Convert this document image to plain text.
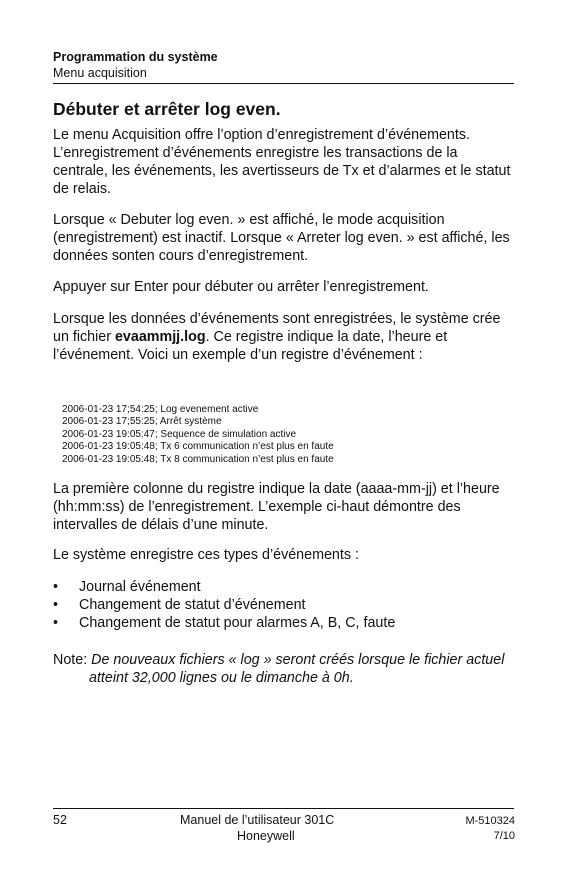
Programmation du système
Menu acquisition
Débuter et arrêter log even.
Le menu Acquisition offre l’option d’enregistrement d’événements. L’enregistrement d’événements enregistre les transactions de la centrale, les événements, les avertisseurs de Tx et d’alarmes et le statut de relais.
Lorsque « Debuter log even. » est affiché, le mode acquisition (enregistrement) est inactif. Lorsque « Arreter log even. » est affiché, les données sonten cours d’enregistrement.
Appuyer sur Enter pour débuter ou arrêter l’enregistrement.
Lorsque les données d’événements sont enregistrées, le système crée un fichier evaammjj.log. Ce registre indique la date, l’heure et l’événement. Voici un exemple d’un registre d’événement :
2006-01-23 17;54:25; Log evenement active
2006-01-23 17;55:25; Arrêt système
2006-01-23 19:05:47; Sequence de simulation active
2006-01-23 19:05:48; Tx 6 communication n’est plus en faute
2006-01-23 19:05:48; Tx 8 communication n’est plus en faute
La première colonne du registre indique la date (aaaa-mm-jj) et l’heure (hh:mm:ss) de l’enregistrement. L’exemple ci-haut démontre des intervalles de délais d’une minute.
Le système enregistre ces types d’événements :
• Journal événement
• Changement de statut d’événement
• Changement de statut pour alarmes A, B, C, faute
Note: De nouveaux fichiers « log » seront créés lorsque le fichier actuel
atteint 32,000 lignes ou le dimanche à 0h.
52	Manuel de l’utilisateur 301C
Honeywell
M-510324
7/10
